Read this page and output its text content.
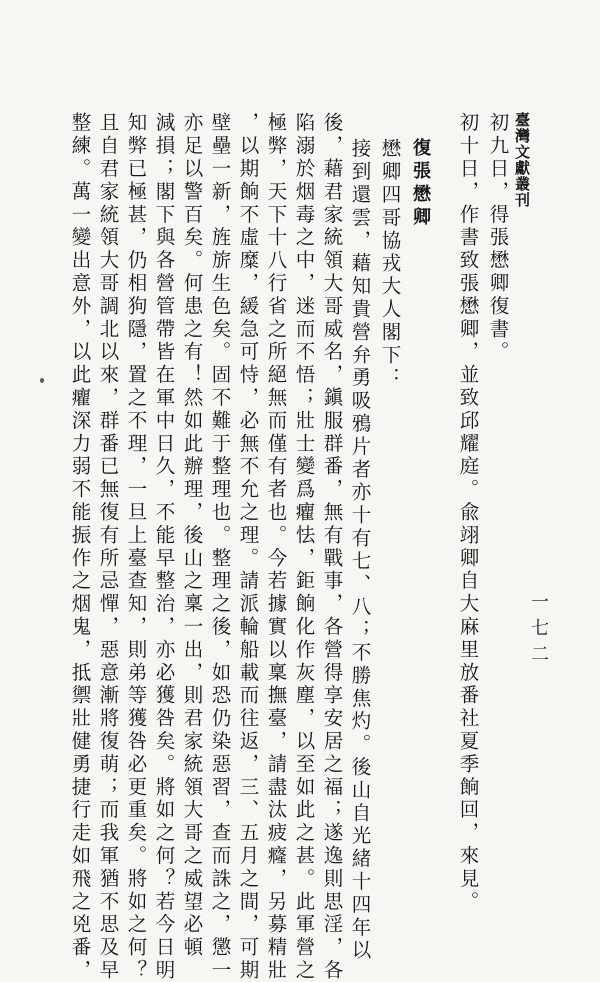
臺灣文獻叢刊
一七二
初九日，得張懋卿復書。
初十日，作書致張懋卿，並致邱耀庭。兪翊卿自大麻里放番社夏季餉回，來見。
復張懋卿
懋卿四哥協戎大人閣下：
接到還雲，藉知貴營弁勇吸鴉片者亦十有七、八；不勝焦灼。後山自光緒十四年以
後，藉君家統領大哥威名，鎭服群番，無有戰事，各營得享安居之福；遂逸則思淫，各
陷溺於烟毒之中，迷而不悟；壯士變爲癯怯，鉅餉化作灰塵，以至如此之甚。此軍營之
極弊，天下十八行省之所絕無而僅有者也。今若據實以稟撫臺，請盡汰疲癃，另募精壯
，以期餉不虛糜，緩急可恃，必無不允之理。請派輪船載而往返，三、五月之間，可期
壁壘一新，旌旂生色矣。固不難于整理也。整理之後，如恐仍染惡習，查而誅之，懲一
亦足以警百矣。何患之有！然如此辦理，後山之稟一出，則君家統領大哥之威望必頓
減損；閣下與各營管帶皆在軍中日久，不能早整治，亦必獲咎矣。將如之何？若今日明
知弊已極甚，仍相狗隱，置之不理，一旦上臺查知，則弟等獲咎必更重矣。將如之何？
且自君家統領大哥調北以來，群番已無復有所忌憚，惡意漸將復萌；而我軍猶不思及早
整練。萬一變出意外，以此癯深力弱不能振作之烟鬼，抵禦壯健勇捷行走如飛之兇番，
